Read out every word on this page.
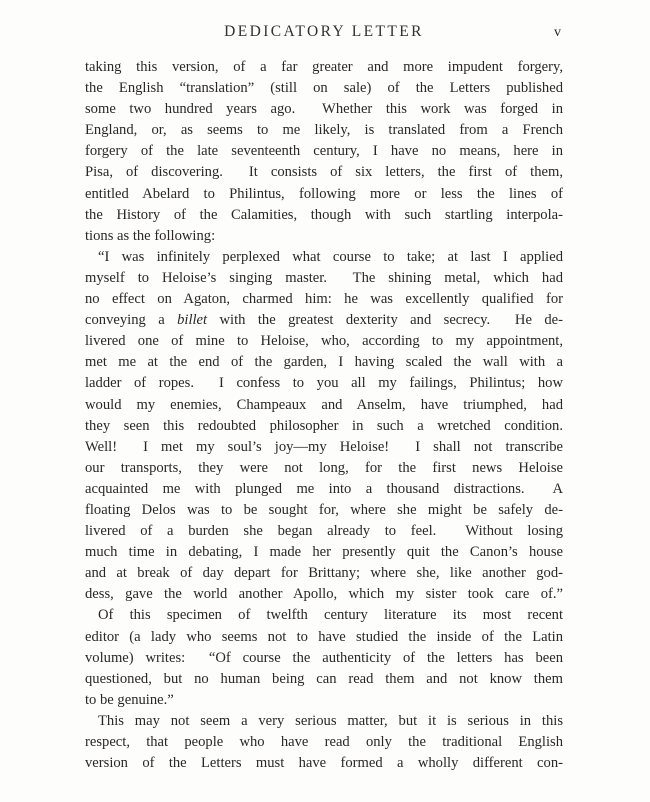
DEDICATORY LETTER	v
taking this version, of a far greater and more impudent forgery,
the English “translation” (still on sale) of the Letters published
some two hundred years ago.  Whether this work was forged in
England, or, as seems to me likely, is translated from a French
forgery of the late seventeenth century, I have no means, here in
Pisa, of discovering.  It consists of six letters, the first of them,
entitled Abelard to Philintus, following more or less the lines of
the History of the Calamities, though with such startling interpola-
tions as the following:
“I was infinitely perplexed what course to take; at last I applied
myself to Heloise’s singing master.  The shining metal, which had
no effect on Agaton, charmed him: he was excellently qualified for
conveying a billet with the greatest dexterity and secrecy.  He de-
livered one of mine to Heloise, who, according to my appointment,
met me at the end of the garden, I having scaled the wall with a
ladder of ropes.  I confess to you all my failings, Philintus; how
would my enemies, Champeaux and Anselm, have triumphed, had
they seen this redoubted philosopher in such a wretched condition.
Well!  I met my soul’s joy—my Heloise!  I shall not transcribe
our transports, they were not long, for the first news Heloise
acquainted me with plunged me into a thousand distractions.  A
floating Delos was to be sought for, where she might be safely de-
livered of a burden she began already to feel.  Without losing
much time in debating, I made her presently quit the Canon’s house
and at break of day depart for Brittany; where she, like another god-
dess, gave the world another Apollo, which my sister took care of.”
Of this specimen of twelfth century literature its most recent
editor (a lady who seems not to have studied the inside of the Latin
volume) writes:  “Of course the authenticity of the letters has been
questioned, but no human being can read them and not know them
to be genuine.”
This may not seem a very serious matter, but it is serious in this
respect, that people who have read only the traditional English
version of the Letters must have formed a wholly different con-
